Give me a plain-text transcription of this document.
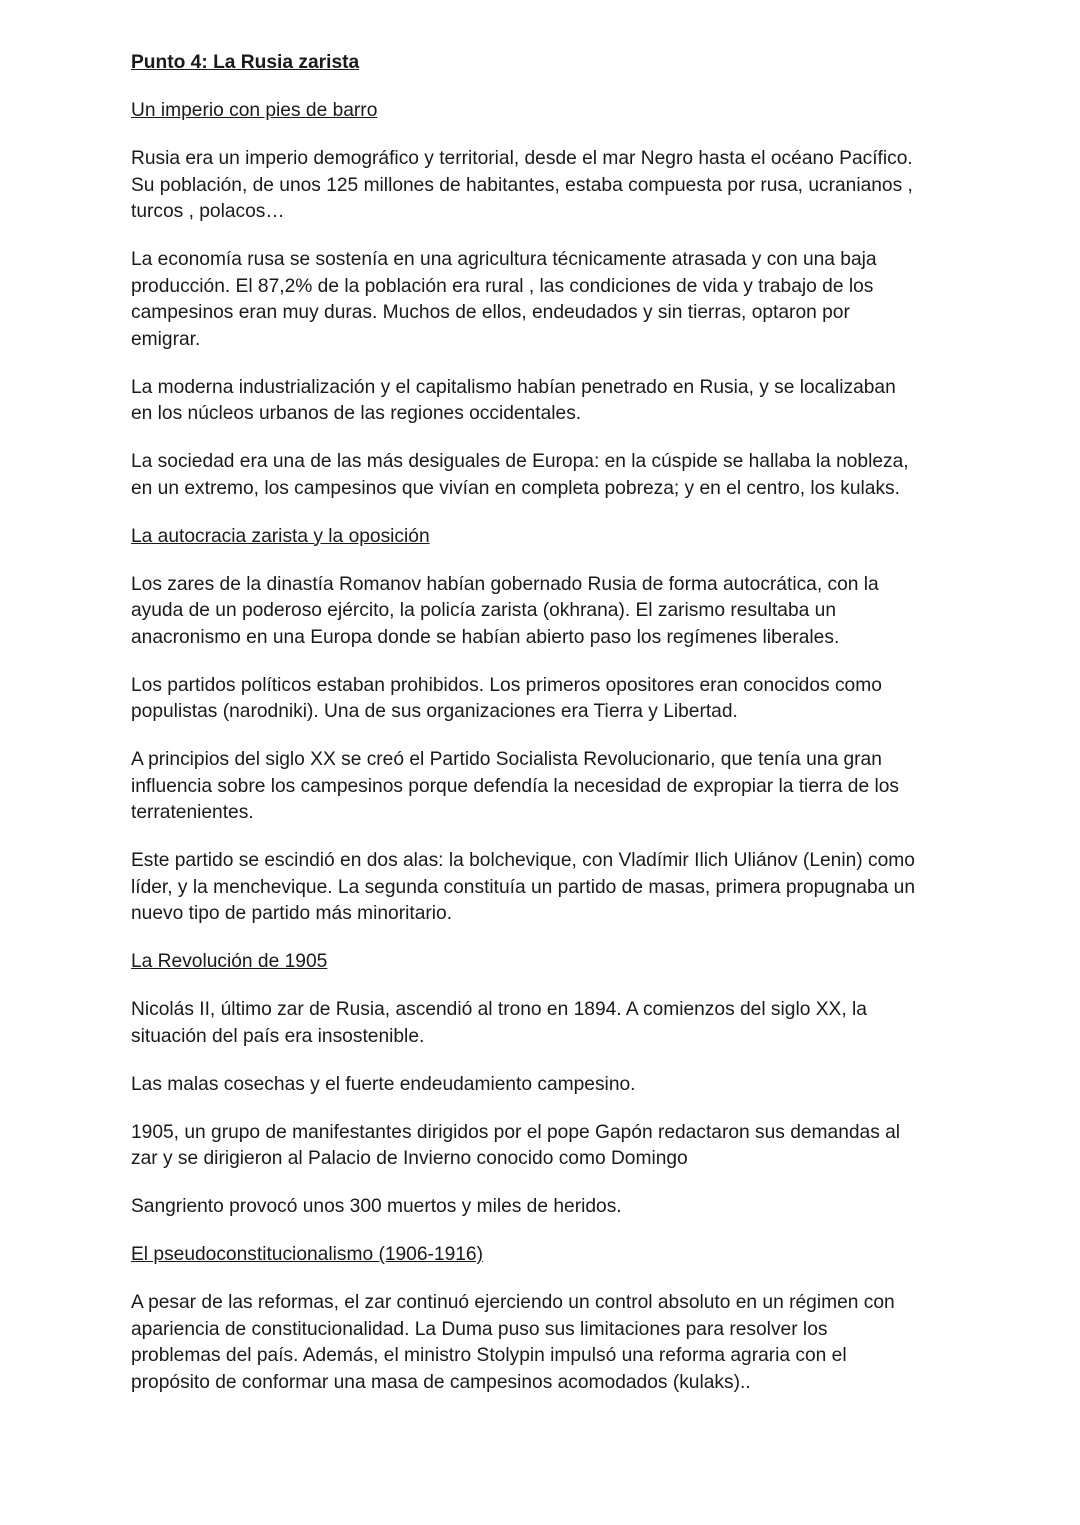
Punto 4: La Rusia zarista
Un imperio con pies de barro
Rusia era un imperio demográfico y territorial, desde el mar Negro hasta el océano Pacífico.
Su población, de unos 125 millones de habitantes, estaba compuesta por rusa, ucranianos ,
turcos , polacos…
La economía rusa se sostenía en una agricultura técnicamente atrasada y con una baja
producción. El 87,2% de la población era rural , las condiciones de vida y trabajo de los
campesinos eran muy duras. Muchos de ellos, endeudados y sin tierras, optaron por
emigrar.
La moderna industrialización y el capitalismo habían penetrado en Rusia, y se localizaban
en los núcleos urbanos de las regiones occidentales.
La sociedad era una de las más desiguales de Europa: en la cúspide se hallaba la nobleza,
en un extremo, los campesinos que vivían en completa pobreza; y en el centro, los kulaks.
La autocracia zarista y la oposición
Los zares de la dinastía Romanov habían gobernado Rusia de forma autocrática, con la
ayuda de un poderoso ejército, la policía zarista (okhrana). El zarismo resultaba un
anacronismo en una Europa donde se habían abierto paso los regímenes liberales.
Los partidos políticos estaban prohibidos. Los primeros opositores eran conocidos como
populistas (narodniki). Una de sus organizaciones era Tierra y Libertad.
A principios del siglo XX se creó el Partido Socialista Revolucionario, que tenía una gran
influencia sobre los campesinos porque defendía la necesidad de expropiar la tierra de los
terratenientes.
Este partido se escindió en dos alas: la bolchevique, con Vladímir Ilich Uliánov (Lenin) como
líder, y la menchevique. La segunda constituía un partido de masas, primera propugnaba un
nuevo tipo de partido más minoritario.
La Revolución de 1905
Nicolás II, último zar de Rusia, ascendió al trono en 1894. A comienzos del siglo XX, la
situación del país era insostenible.
Las malas cosechas y el fuerte endeudamiento campesino.
1905, un grupo de manifestantes dirigidos por el pope Gapón redactaron sus demandas al
zar y se dirigieron al Palacio de Invierno conocido como Domingo
Sangriento provocó unos 300 muertos y miles de heridos.
El pseudoconstitucionalismo (1906-1916)
A pesar de las reformas, el zar continuó ejerciendo un control absoluto en un régimen con
apariencia de constitucionalidad. La Duma puso sus limitaciones para resolver los
problemas del país. Además, el ministro Stolypin impulsó una reforma agraria con el
propósito de conformar una masa de campesinos acomodados (kulaks)..
